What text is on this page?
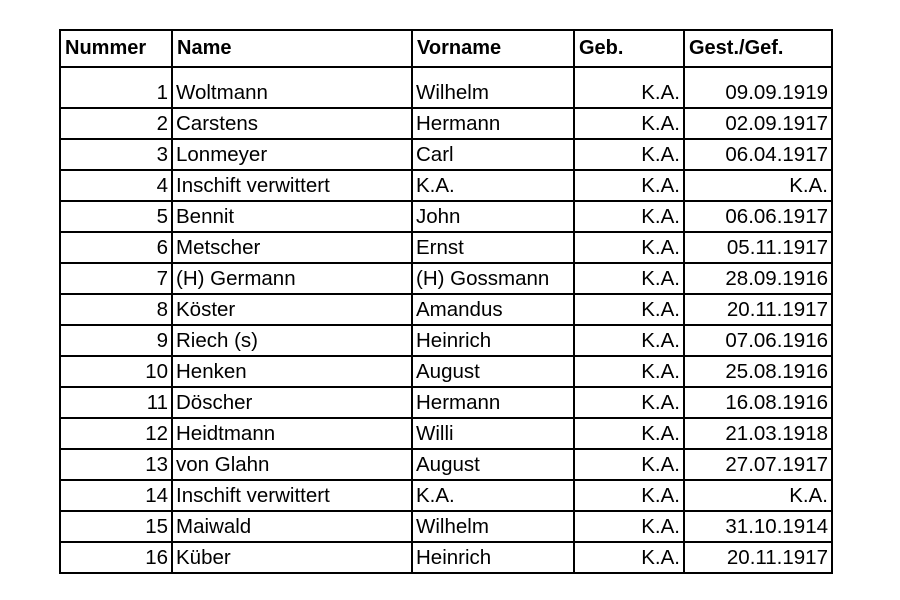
Nummer	Name	Vorname	Geb.	Gest./Gef.
1	Woltmann	Wilhelm	K.A.	09.09.1919
2	Carstens	Hermann	K.A.	02.09.1917
3	Lonmeyer	Carl	K.A.	06.04.1917
4	Inschift verwittert	K.A.	K.A.	K.A.
5	Bennit	John	K.A.	06.06.1917
6	Metscher	Ernst	K.A.	05.11.1917
7	(H) Germann	(H) Gossmann	K.A.	28.09.1916
8	Köster	Amandus	K.A.	20.11.1917
9	Riech (s)	Heinrich	K.A.	07.06.1916
10	Henken	August	K.A.	25.08.1916
11	Döscher	Hermann	K.A.	16.08.1916
12	Heidtmann	Willi	K.A.	21.03.1918
13	von Glahn	August	K.A.	27.07.1917
14	Inschift verwittert	K.A.	K.A.	K.A.
15	Maiwald	Wilhelm	K.A.	31.10.1914
16	Küber	Heinrich	K.A.	20.11.1917
